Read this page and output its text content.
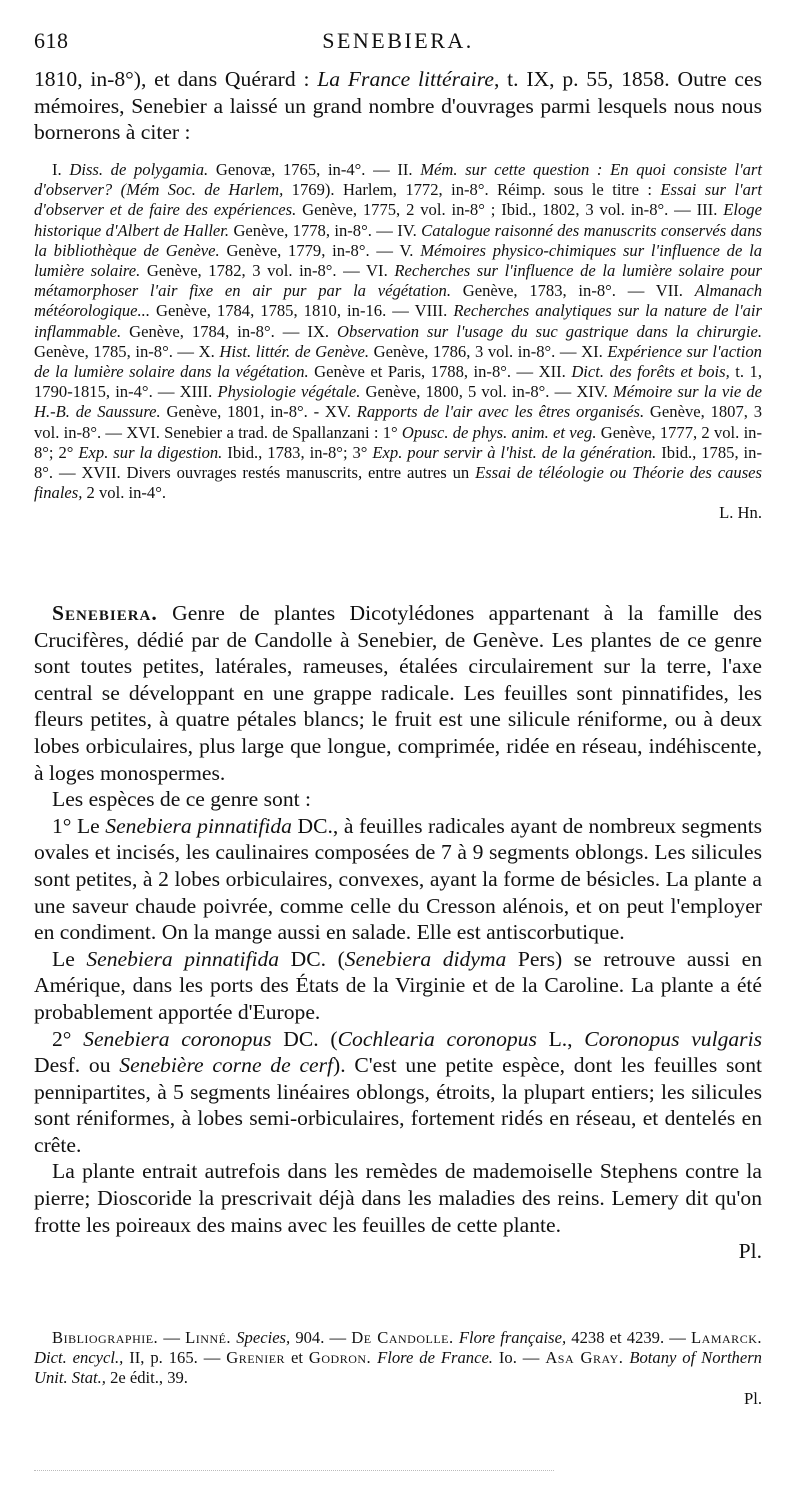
618	SENEBIERA.

1810, in-8°), et dans Quérard : La France littéraire, t. IX, p. 55, 1858. Outre ces mémoires, Senebier a laissé un grand nombre d'ouvrages parmi lesquels nous nous bornerons à citer :

I. Diss. de polygamia. Genovæ, 1765, in-4°. — II. Mém. sur cette question : En quoi consiste l'art d'observer? (Mém Soc. de Harlem, 1769). Harlem, 1772, in-8°. Réimp. sous le titre : Essai sur l'art d'observer et de faire des expériences. Genève, 1775, 2 vol. in-8° ; Ibid., 1802, 3 vol. in-8°. — III. Eloge historique d'Albert de Haller. Genève, 1778, in-8°. — IV. Catalogue raisonné des manuscrits conservés dans la bibliothèque de Genève. Genève, 1779, in-8°. — V. Mémoires physico-chimiques sur l'influence de la lumière solaire. Genève, 1782, 3 vol. in-8°. — VI. Recherches sur l'influence de la lumière solaire pour métamorphoser l'air fixe en air pur par la végétation. Genève, 1783, in-8°. — VII. Almanach météorologique... Genève, 1784, 1785, 1810, in-16. — VIII. Recherches analytiques sur la nature de l'air inflammable. Genève, 1784, in-8°. — IX. Observation sur l'usage du suc gastrique dans la chirurgie. Genève, 1785, in-8°. — X. Hist. littér. de Genève. Genève, 1786, 3 vol. in-8°. — XI. Expérience sur l'action de la lumière solaire dans la végétation. Genève et Paris, 1788, in-8°. — XII. Dict. des forêts et bois, t. 1, 1790-1815, in-4°. — XIII. Physiologie végétale. Genève, 1800, 5 vol. in-8°. — XIV. Mémoire sur la vie de H.-B. de Saussure. Genève, 1801, in-8°. - XV. Rapports de l'air avec les êtres organisés. Genève, 1807, 3 vol. in-8°. — XVI. Senebier a trad. de Spallanzani : 1° Opusc. de phys. anim. et veg. Genève, 1777, 2 vol. in-8°; 2° Exp. sur la digestion. Ibid., 1783, in-8°; 3° Exp. pour servir à l'hist. de la génération. Ibid., 1785, in-8°. — XVII. Divers ouvrages restés manuscrits, entre autres un Essai de téléologie ou Théorie des causes finales, 2 vol. in-4°.

L. Hn.

Senebiera. Genre de plantes Dicotylédones appartenant à la famille des Crucifères, dédié par de Candolle à Senebier, de Genève. Les plantes de ce genre sont toutes petites, latérales, rameuses, étalées circulairement sur la terre, l'axe central se développant en une grappe radicale. Les feuilles sont pinnatifides, les fleurs petites, à quatre pétales blancs; le fruit est une silicule réniforme, ou à deux lobes orbiculaires, plus large que longue, comprimée, ridée en réseau, indéhiscente, à loges monospermes.

Les espèces de ce genre sont :

1° Le Senebiera pinnatifida DC., à feuilles radicales ayant de nombreux segments ovales et incisés, les caulinaires composées de 7 à 9 segments oblongs. Les silicules sont petites, à 2 lobes orbiculaires, convexes, ayant la forme de bésicles. La plante a une saveur chaude poivrée, comme celle du Cresson alénois, et on peut l'employer en condiment. On la mange aussi en salade. Elle est antiscorbutique.

Le Senebiera pinnatifida DC. (Senebiera didyma Pers) se retrouve aussi en Amérique, dans les ports des États de la Virginie et de la Caroline. La plante a été probablement apportée d'Europe.

2° Senebiera coronopus DC. (Cochlearia coronopus L., Coronopus vulgaris Desf. ou Senebière corne de cerf). C'est une petite espèce, dont les feuilles sont pennipartites, à 5 segments linéaires oblongs, étroits, la plupart entiers; les silicules sont réniformes, à lobes semi-orbiculaires, fortement ridés en réseau, et dentelés en crête.

La plante entrait autrefois dans les remèdes de mademoiselle Stephens contre la pierre; Dioscoride la prescrivait déjà dans les maladies des reins. Lemery dit qu'on frotte les poireaux des mains avec les feuilles de cette plante.

Pl.

Bibliographie. — Linné. Species, 904. — De Candolle. Flore française, 4238 et 4239. — Lamarck. Dict. encycl., II, p. 165. — Grenier et Godron. Flore de France. Io. — Asa Gray. Botany of Northern Unit. Stat., 2e édit., 39.

Pl.
